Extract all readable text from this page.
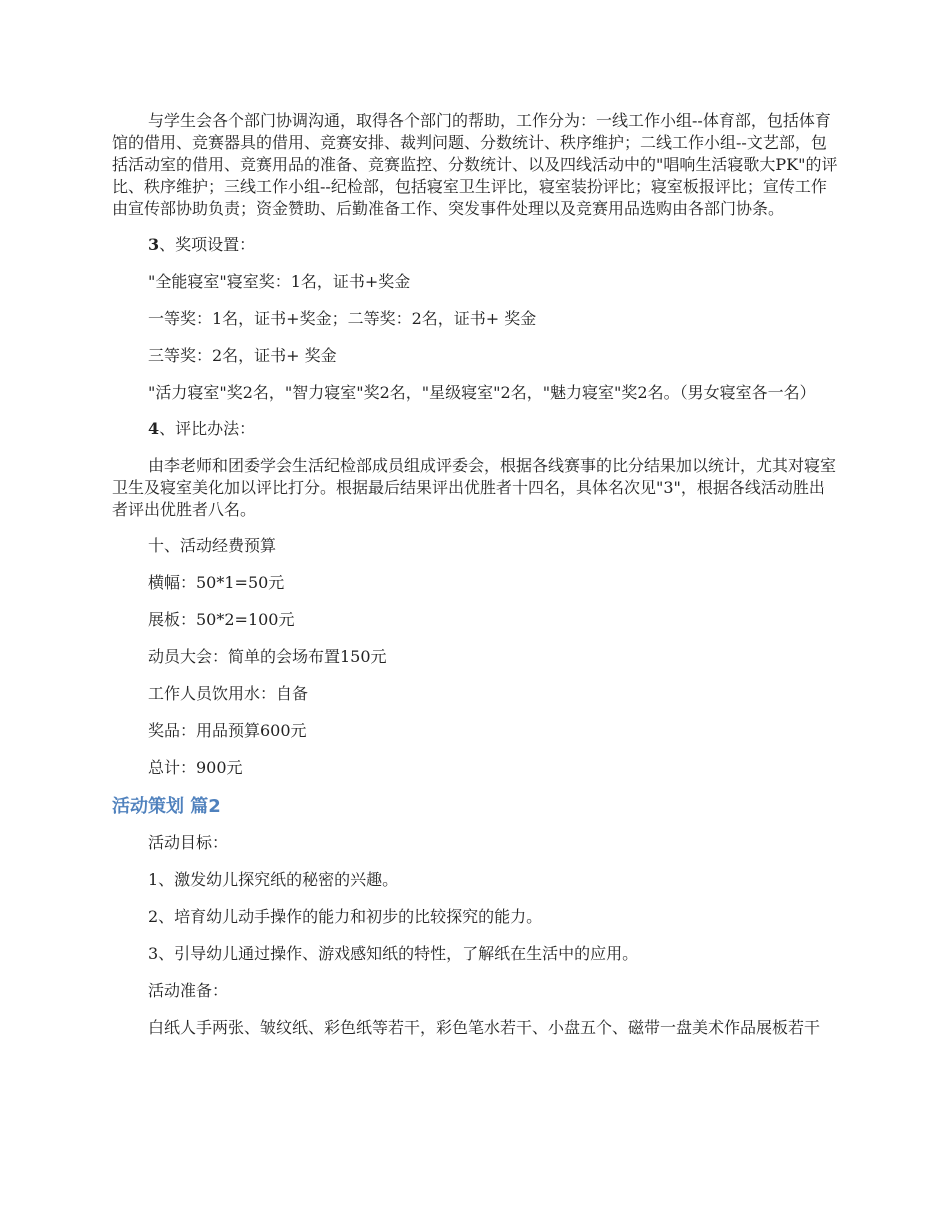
与学生会各个部门协调沟通，取得各个部门的帮助，工作分为：一线工作小组--体育部，包括体育馆的借用、竞赛器具的借用、竞赛安排、裁判问题、分数统计、秩序维护；二线工作小组--文艺部，包括活动室的借用、竞赛用品的准备、竞赛监控、分数统计、以及四线活动中的"唱响生活寝歌大PK"的评比、秩序维护；三线工作小组--纪检部，包括寝室卫生评比，寝室装扮评比；寝室板报评比；宣传工作由宣传部协助负责；资金赞助、后勤准备工作、突发事件处理以及竞赛用品选购由各部门协条。

3、奖项设置：

"全能寝室"寝室奖：1名，证书+奖金

一等奖：1名，证书+奖金；二等奖：2名，证书+ 奖金

三等奖：2名，证书+ 奖金

"活力寝室"奖2名，"智力寝室"奖2名，"星级寝室"2名，"魅力寝室"奖2名。（男女寝室各一名）

4、评比办法：

由李老师和团委学会生活纪检部成员组成评委会，根据各线赛事的比分结果加以统计，尤其对寝室卫生及寝室美化加以评比打分。根据最后结果评出优胜者十四名，具体名次见"3"，根据各线活动胜出者评出优胜者八名。

十、活动经费预算

横幅：50*1=50元

展板：50*2=100元

动员大会：简单的会场布置150元

工作人员饮用水：自备

奖品：用品预算600元

总计：900元

活动策划 篇2

活动目标：

1、激发幼儿探究纸的秘密的兴趣。

2、培育幼儿动手操作的能力和初步的比较探究的能力。

3、引导幼儿通过操作、游戏感知纸的特性，了解纸在生活中的应用。

活动准备：

白纸人手两张、皱纹纸、彩色纸等若干，彩色笔水若干、小盘五个、磁带一盘美术作品展板若干
